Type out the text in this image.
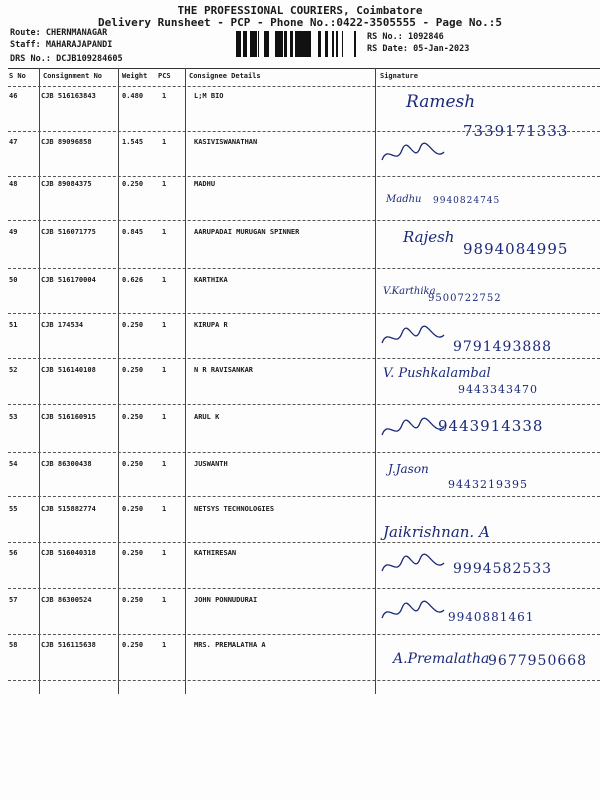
THE PROFESSIONAL COURIERS, Coimbatore
Delivery Runsheet - PCP - Phone No.:0422-3505555 - Page No.:5
Route: CHERNMANAGAR
Staff: MAHARAJAPANDI
DRS No.: DCJB109284605
RS No.: 1092846
RS Date: 05-Jan-2023
S No Consignment No	Weight PCS	Consignee Details	Signature
46	CJB 516163843	0.480	1	L;M BIO	Ramesh
7339171333
47	CJB 89096858	1.545	1	KASIVISWANATHAN
48	CJB 89084375	0.250	1	MADHU
Madhu 9940824745
49	CJB 516071775	0.845	1	AARUPADAI MURUGAN SPINNER	Rajesh
9894084995
50	CJB 516170004	0.626	1	KARTHIKA
V.Karthika
9500722752
51	CJB 174534	0.250	1	KIRUPA R
9791493888
52	CJB 516140108	0.250	1	N R RAVISANKAR	V. Pushkalambal
9443343470
53	CJB 516160915	0.250	1	ARUL K	9443914338
54	CJB 86300438	0.250	1	JUSWANTH	J.Jason
9443219395
55	CJB 515882774	0.250	1	NETSYS TECHNOLOGIES
Jaikrishnan. A
56	CJB 516040318	0.250	1	KATHIRESAN
9994582533
57	CJB 86300524	0.250	1	JOHN PONNUDURAI
9940881461
58	CJB 516115638	0.250	1	MRS. PREMALATHA A
A.Premalatha
9677950668
